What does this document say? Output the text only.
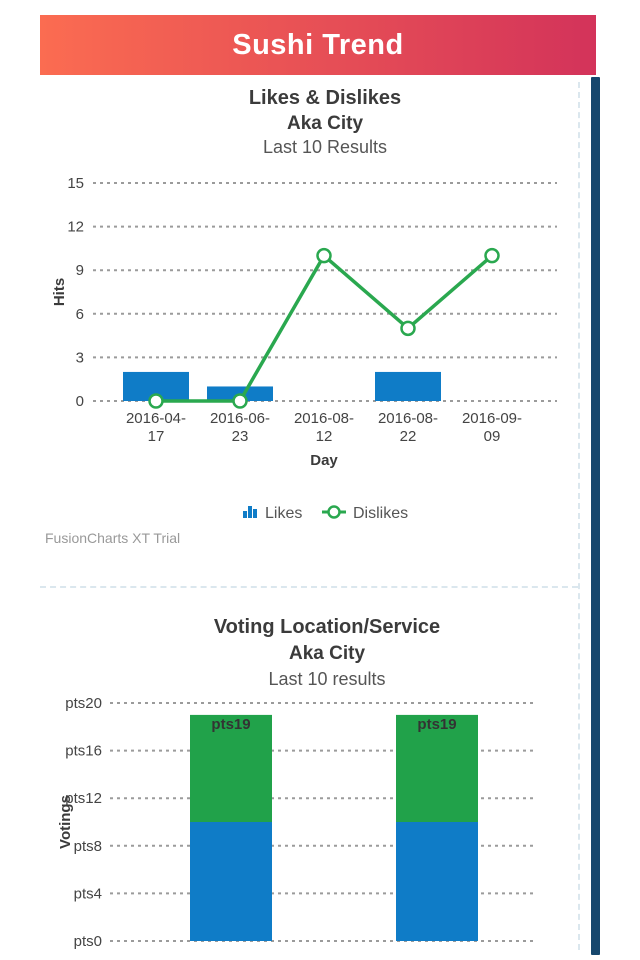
Sushi Trend
Likes & Dislikes
Aka City
Last 10 Results
0
3
6
9
12
15
Hits
2016-04-
17
2016-06-
23
2016-08-
12
2016-08-
22
2016-09-
09
Day
Likes	Dislikes
FusionCharts XT Trial
Voting Location/Service
Aka City
Last 10 results
pts0
pts4
pts8
pts12
pts16
pts20
Votings
pts19	pts19
